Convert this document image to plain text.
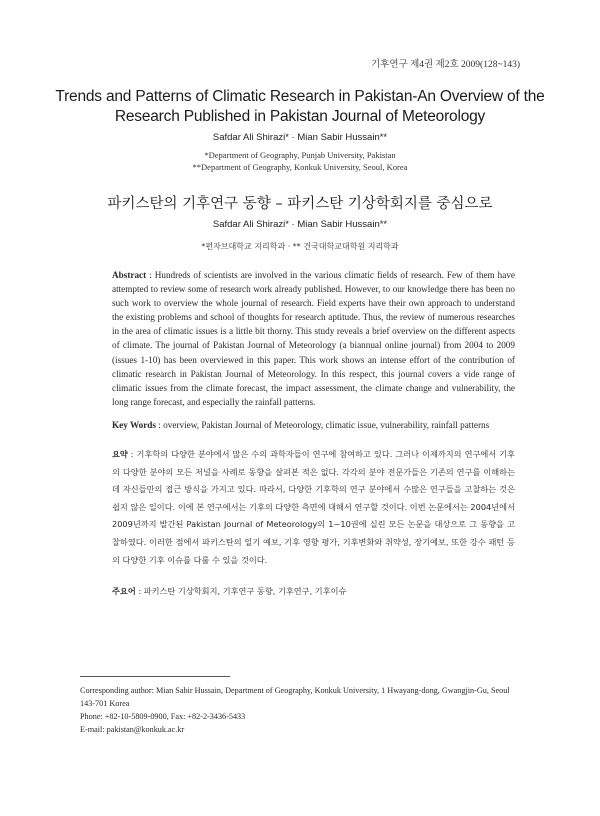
기후연구 제4권 제2호 2009(128~143)
Trends and Patterns of Climatic Research in Pakistan-An Overview of the Research Published in Pakistan Journal of Meteorology
Safdar Ali Shirazi* · Mian Sabir Hussain**
*Department of Geography, Punjab University, Pakistan
**Department of Geography, Konkuk University, Seoul, Korea
파키스탄의 기후연구 동향 – 파키스탄 기상학회지를 중심으로
Safdar Ali Shirazi* · Mian Sabir Hussain**
*펀자브대학교 지리학과 · ** 건국대학교대학원 지리학과
Abstract : Hundreds of scientists are involved in the various climatic fields of research. Few of them have attempted to review some of research work already published. However, to our knowledge there has been no such work to overview the whole journal of research. Field experts have their own approach to understand the existing problems and school of thoughts for research aptitude. Thus, the review of numerous researches in the area of climatic issues is a little bit thorny. This study reveals a brief overview on the different aspects of climate. The journal of Pakistan Journal of Meteorology (a biannual online journal) from 2004 to 2009 (issues 1-10) has been overviewed in this paper. This work shows an intense effort of the contribution of climatic research in Pakistan Journal of Meteorology. In this respect, this journal covers a vide range of climatic issues from the climate forecast, the impact assessment, the climate change and vulnerability, the long range forecast, and especially the rainfall patterns.
Key Words : overview, Pakistan Journal of Meteorology, climatic issue, vulnerability, rainfall patterns
요약 : 기후학의 다양한 분야에서 많은 수의 과학자들이 연구에 참여하고 있다. 그러나 이제까지의 연구에서 기후의 다양한 분야의 모든 저널을 사례로 동향을 살펴본 적은 없다. 각각의 분야 전문가들은 기존의 연구를 이해하는데 자신들만의 접근 방식을 가지고 있다. 따라서, 다양한 기후학의 연구 분야에서 수많은 연구들을 고찰하는 것은 쉽지 않은 일이다. 이에 본 연구에서는 기후의 다양한 측면에 대해서 연구할 것이다. 이번 논문에서는 2004년에서 2009년까지 발간된 Pakistan Journal of Meteorology의 1~10권에 실린 모든 논문을 대상으로 그 동향을 고찰하였다. 이러한 점에서 파키스탄의 일기 예보, 기후 영향 평가, 기후변화와 취약성, 장기예보, 또한 강수 패턴 등의 다양한 기후 이슈를 다룰 수 있을 것이다.
주요어 : 파키스탄 기상학회지, 기후연구 동향, 기후연구, 기후이슈
Corresponding author: Mian Sabir Hussain, Department of Geography, Konkuk University, 1 Hwayang-dong, Gwangjin-Gu, Seoul 143-701 Korea
Phone: +82-10-5809-0900, Fax: +82-2-3436-5433
E-mail: pakistan@konkuk.ac.kr
